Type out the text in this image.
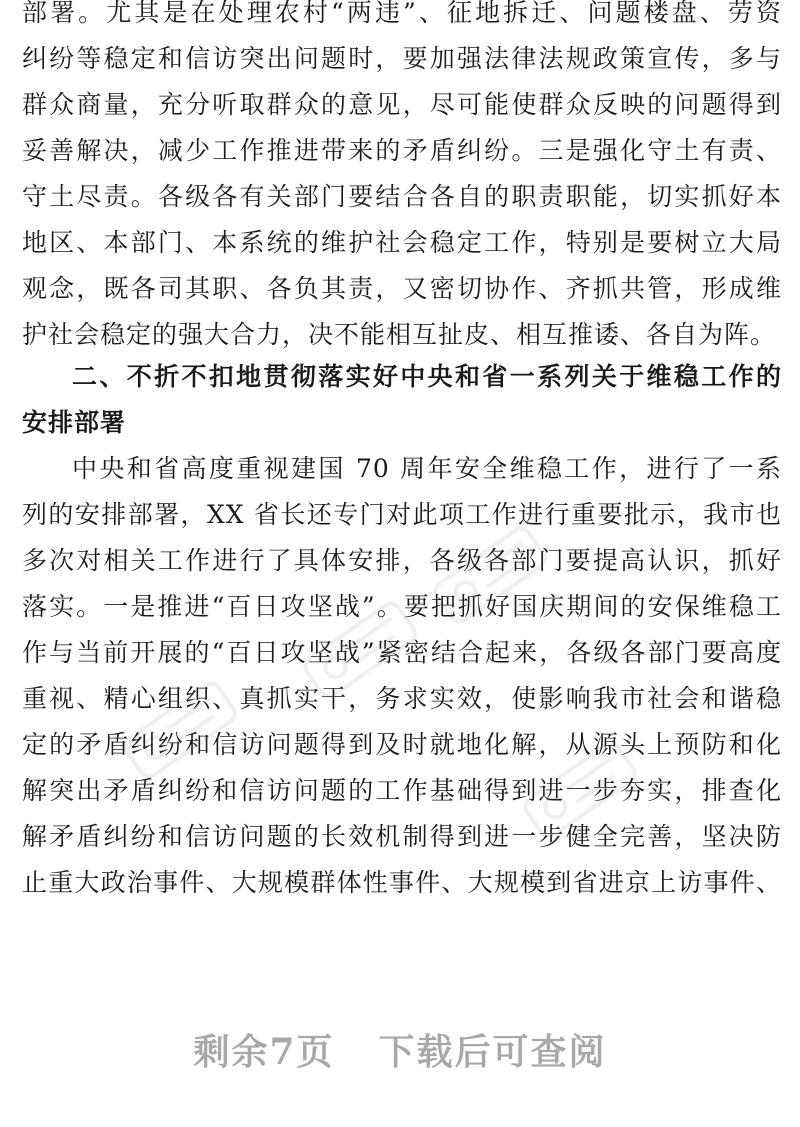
部署。尤其是在处理农村“两违”、征地拆迁、问题楼盘、劳资
纠纷等稳定和信访突出问题时，要加强法律法规政策宣传，多与
群众商量，充分听取群众的意见，尽可能使群众反映的问题得到
妥善解决，减少工作推进带来的矛盾纠纷。三是强化守土有责、
守土尽责。各级各有关部门要结合各自的职责职能，切实抓好本
地区、本部门、本系统的维护社会稳定工作，特别是要树立大局
观念，既各司其职、各负其责，又密切协作、齐抓共管，形成维
护社会稳定的强大合力，决不能相互扯皮、相互推诿、各自为阵。
二、不折不扣地贯彻落实好中央和省一系列关于维稳工作的
安排部署
中央和省高度重视建国 70 周年安全维稳工作，进行了一系
列的安排部署，XX 省长还专门对此项工作进行重要批示，我市也
多次对相关工作进行了具体安排，各级各部门要提高认识，抓好
落实。一是推进“百日攻坚战”。要把抓好国庆期间的安保维稳工
作与当前开展的“百日攻坚战”紧密结合起来，各级各部门要高度
重视、精心组织、真抓实干，务求实效，使影响我市社会和谐稳
定的矛盾纠纷和信访问题得到及时就地化解，从源头上预防和化
解突出矛盾纠纷和信访问题的工作基础得到进一步夯实，排查化
解矛盾纠纷和信访问题的长效机制得到进一步健全完善，坚决防
止重大政治事件、大规模群体性事件、大规模到省进京上访事件、
剩余7页 下载后可查阅
